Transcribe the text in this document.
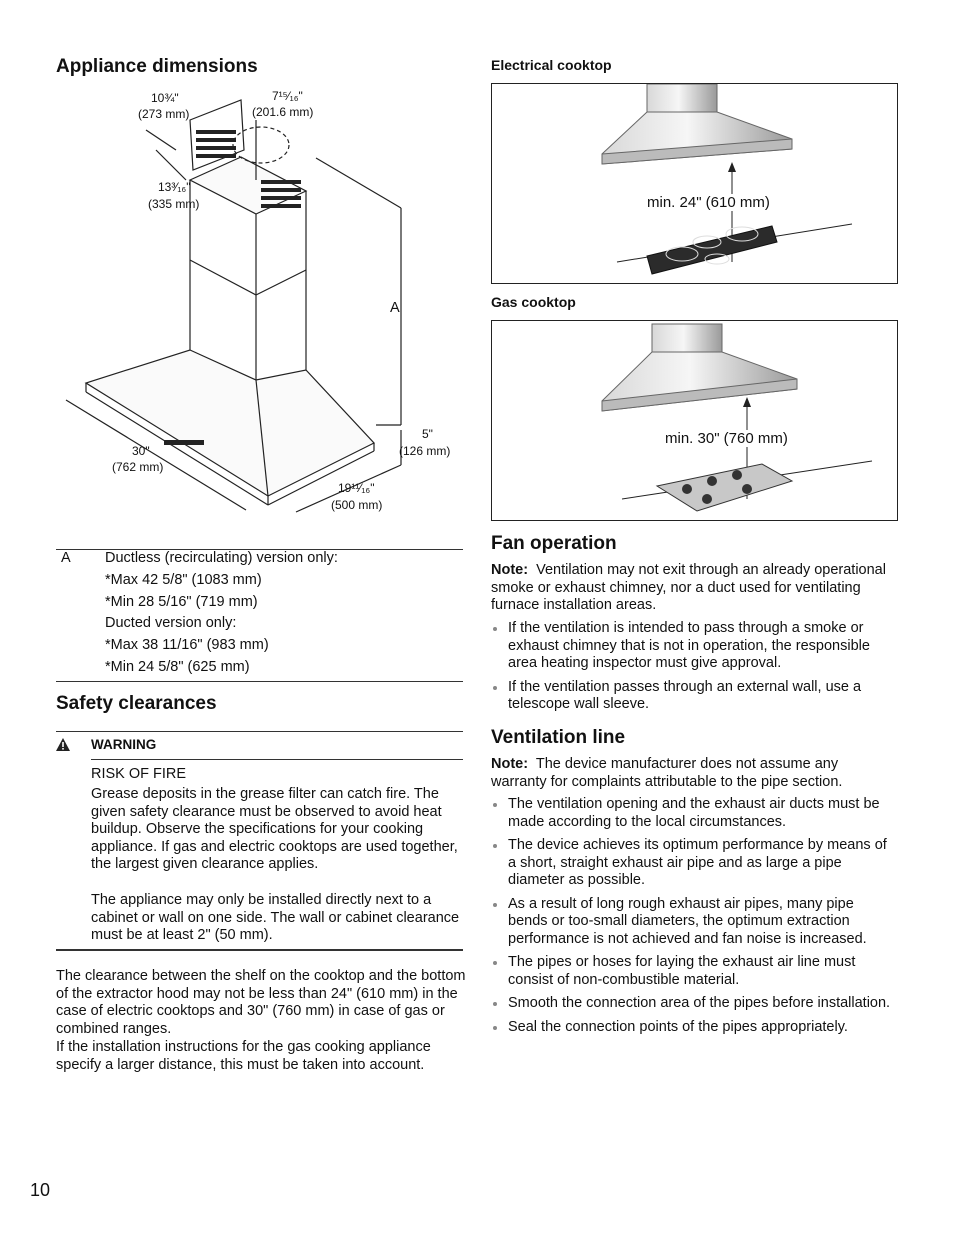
Appliance dimensions
10¾"
(273 mm)
7¹⁵⁄₁₆"
(201.6 mm)
13³⁄₁₆"
(335 mm)
A
5"
(126 mm)
30"
(762 mm)
19¹¹⁄₁₆"
(500 mm)
A Ductless (recirculating) version only:
*Max 42 5/8" (1083 mm)
*Min 28 5/16" (719 mm)
Ducted version only:
*Max 38 11/16" (983 mm)
*Min 24 5/8" (625 mm)
Safety clearances
WARNING

RISK OF FIRE

Grease deposits in the grease filter can catch fire. The given safety clearance must be observed to avoid heat buildup. Observe the specifications for your cooking appliance. If gas and electric cooktops are used together, the largest given clearance applies.

The appliance may only be installed directly next to a cabinet or wall on one side. The wall or cabinet clearance must be at least 2" (50 mm).

The clearance between the shelf on the cooktop and the bottom of the extractor hood may not be less than 24" (610 mm) in the case of electric cooktops and 30" (760 mm) in case of gas or combined ranges.

If the installation instructions for the gas cooking appliance specify a larger distance, this must be taken into account.

10
Electrical cooktop
min. 24" (610 mm)
Gas cooktop
min. 30" (760 mm)
Fan operation

Note: Ventilation may not exit through an already operational smoke or exhaust chimney, nor a duct used for ventilating furnace installation areas.

If the ventilation is intended to pass through a smoke or exhaust chimney that is not in operation, the responsible area heating inspector must give approval.
If the ventilation passes through an external wall, use a telescope wall sleeve.
Ventilation line

Note: The device manufacturer does not assume any warranty for complaints attributable to the pipe section.

The ventilation opening and the exhaust air ducts must be made according to the local circumstances.
The device achieves its optimum performance by means of a short, straight exhaust air pipe and as large a pipe diameter as possible.
As a result of long rough exhaust air pipes, many pipe bends or too-small diameters, the optimum extraction performance is not achieved and fan noise is increased.
The pipes or hoses for laying the exhaust air line must consist of non-combustible material.
Smooth the connection area of the pipes before installation.
Seal the connection points of the pipes appropriately.
